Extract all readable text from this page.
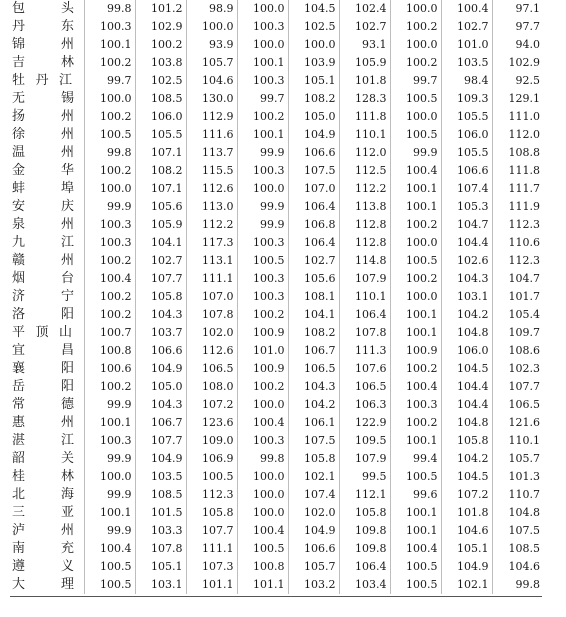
包 头	99.8	101.2	98.9	100.0	104.5	102.4	100.0	100.4	97.1

丹 东	100.3	102.9	100.0	100.3	102.5	102.7	100.2	102.7	97.7

锦 州	100.1	100.2	93.9	100.0	100.0	93.1	100.0	101.0	94.0

吉 林	100.2	103.8	105.7	100.1	103.9	105.9	100.2	103.5	102.9

牡 丹 江	99.7	102.5	104.6	100.3	105.1	101.8	99.7	98.4	92.5

无 锡	100.0	108.5	130.0	99.7	108.2	128.3	100.5	109.3	129.1

扬 州	100.2	106.0	112.9	100.2	105.0	111.8	100.0	105.5	111.0

徐 州	100.5	105.5	111.6	100.1	104.9	110.1	100.5	106.0	112.0

温 州	99.8	107.1	113.7	99.9	106.6	112.0	99.9	105.5	108.8

金 华	100.2	108.2	115.5	100.3	107.5	112.5	100.4	106.6	111.8

蚌 埠	100.0	107.1	112.6	100.0	107.0	112.2	100.1	107.4	111.7

安 庆	99.9	105.6	113.0	99.9	106.4	113.8	100.1	105.3	111.9

泉 州	100.3	105.9	112.2	99.9	106.8	112.8	100.2	104.7	112.3

九 江	100.3	104.1	117.3	100.3	106.4	112.8	100.0	104.4	110.6

赣 州	100.2	102.7	113.1	100.5	102.7	114.8	100.5	102.6	112.3

烟 台	100.4	107.7	111.1	100.3	105.6	107.9	100.2	104.3	104.7

济 宁	100.2	105.8	107.0	100.3	108.1	110.1	100.0	103.1	101.7

洛 阳	100.2	104.3	107.8	100.2	104.1	106.4	100.1	104.2	105.4

平 顶 山	100.7	103.7	102.0	100.9	108.2	107.8	100.1	104.8	109.7

宜 昌	100.8	106.6	112.6	101.0	106.7	111.3	100.9	106.0	108.6

襄 阳	100.6	104.9	106.5	100.9	106.5	107.6	100.2	104.5	102.3

岳 阳	100.2	105.0	108.0	100.2	104.3	106.5	100.4	104.4	107.7

常 德	99.9	104.3	107.2	100.0	104.2	106.3	100.3	104.4	106.5

惠 州	100.1	106.7	123.6	100.4	106.1	122.9	100.2	104.8	121.6

湛 江	100.3	107.7	109.0	100.3	107.5	109.5	100.1	105.8	110.1

韶 关	99.9	104.9	106.9	99.8	105.8	107.9	99.4	104.2	105.7

桂 林	100.0	103.5	100.5	100.0	102.1	99.5	100.5	104.5	101.3

北 海	99.9	108.5	112.3	100.0	107.4	112.1	99.6	107.2	110.7

三 亚	100.1	101.5	105.8	100.0	102.0	105.8	100.1	101.8	104.8

泸 州	99.9	103.3	107.7	100.4	104.9	109.8	100.1	104.6	107.5

南 充	100.4	107.8	111.1	100.5	106.6	109.8	100.4	105.1	108.5

遵 义	100.5	105.1	107.3	100.8	105.7	106.4	100.5	104.9	104.6

大 理	100.5	103.1	101.1	101.1	103.2	103.4	100.5	102.1	99.8
